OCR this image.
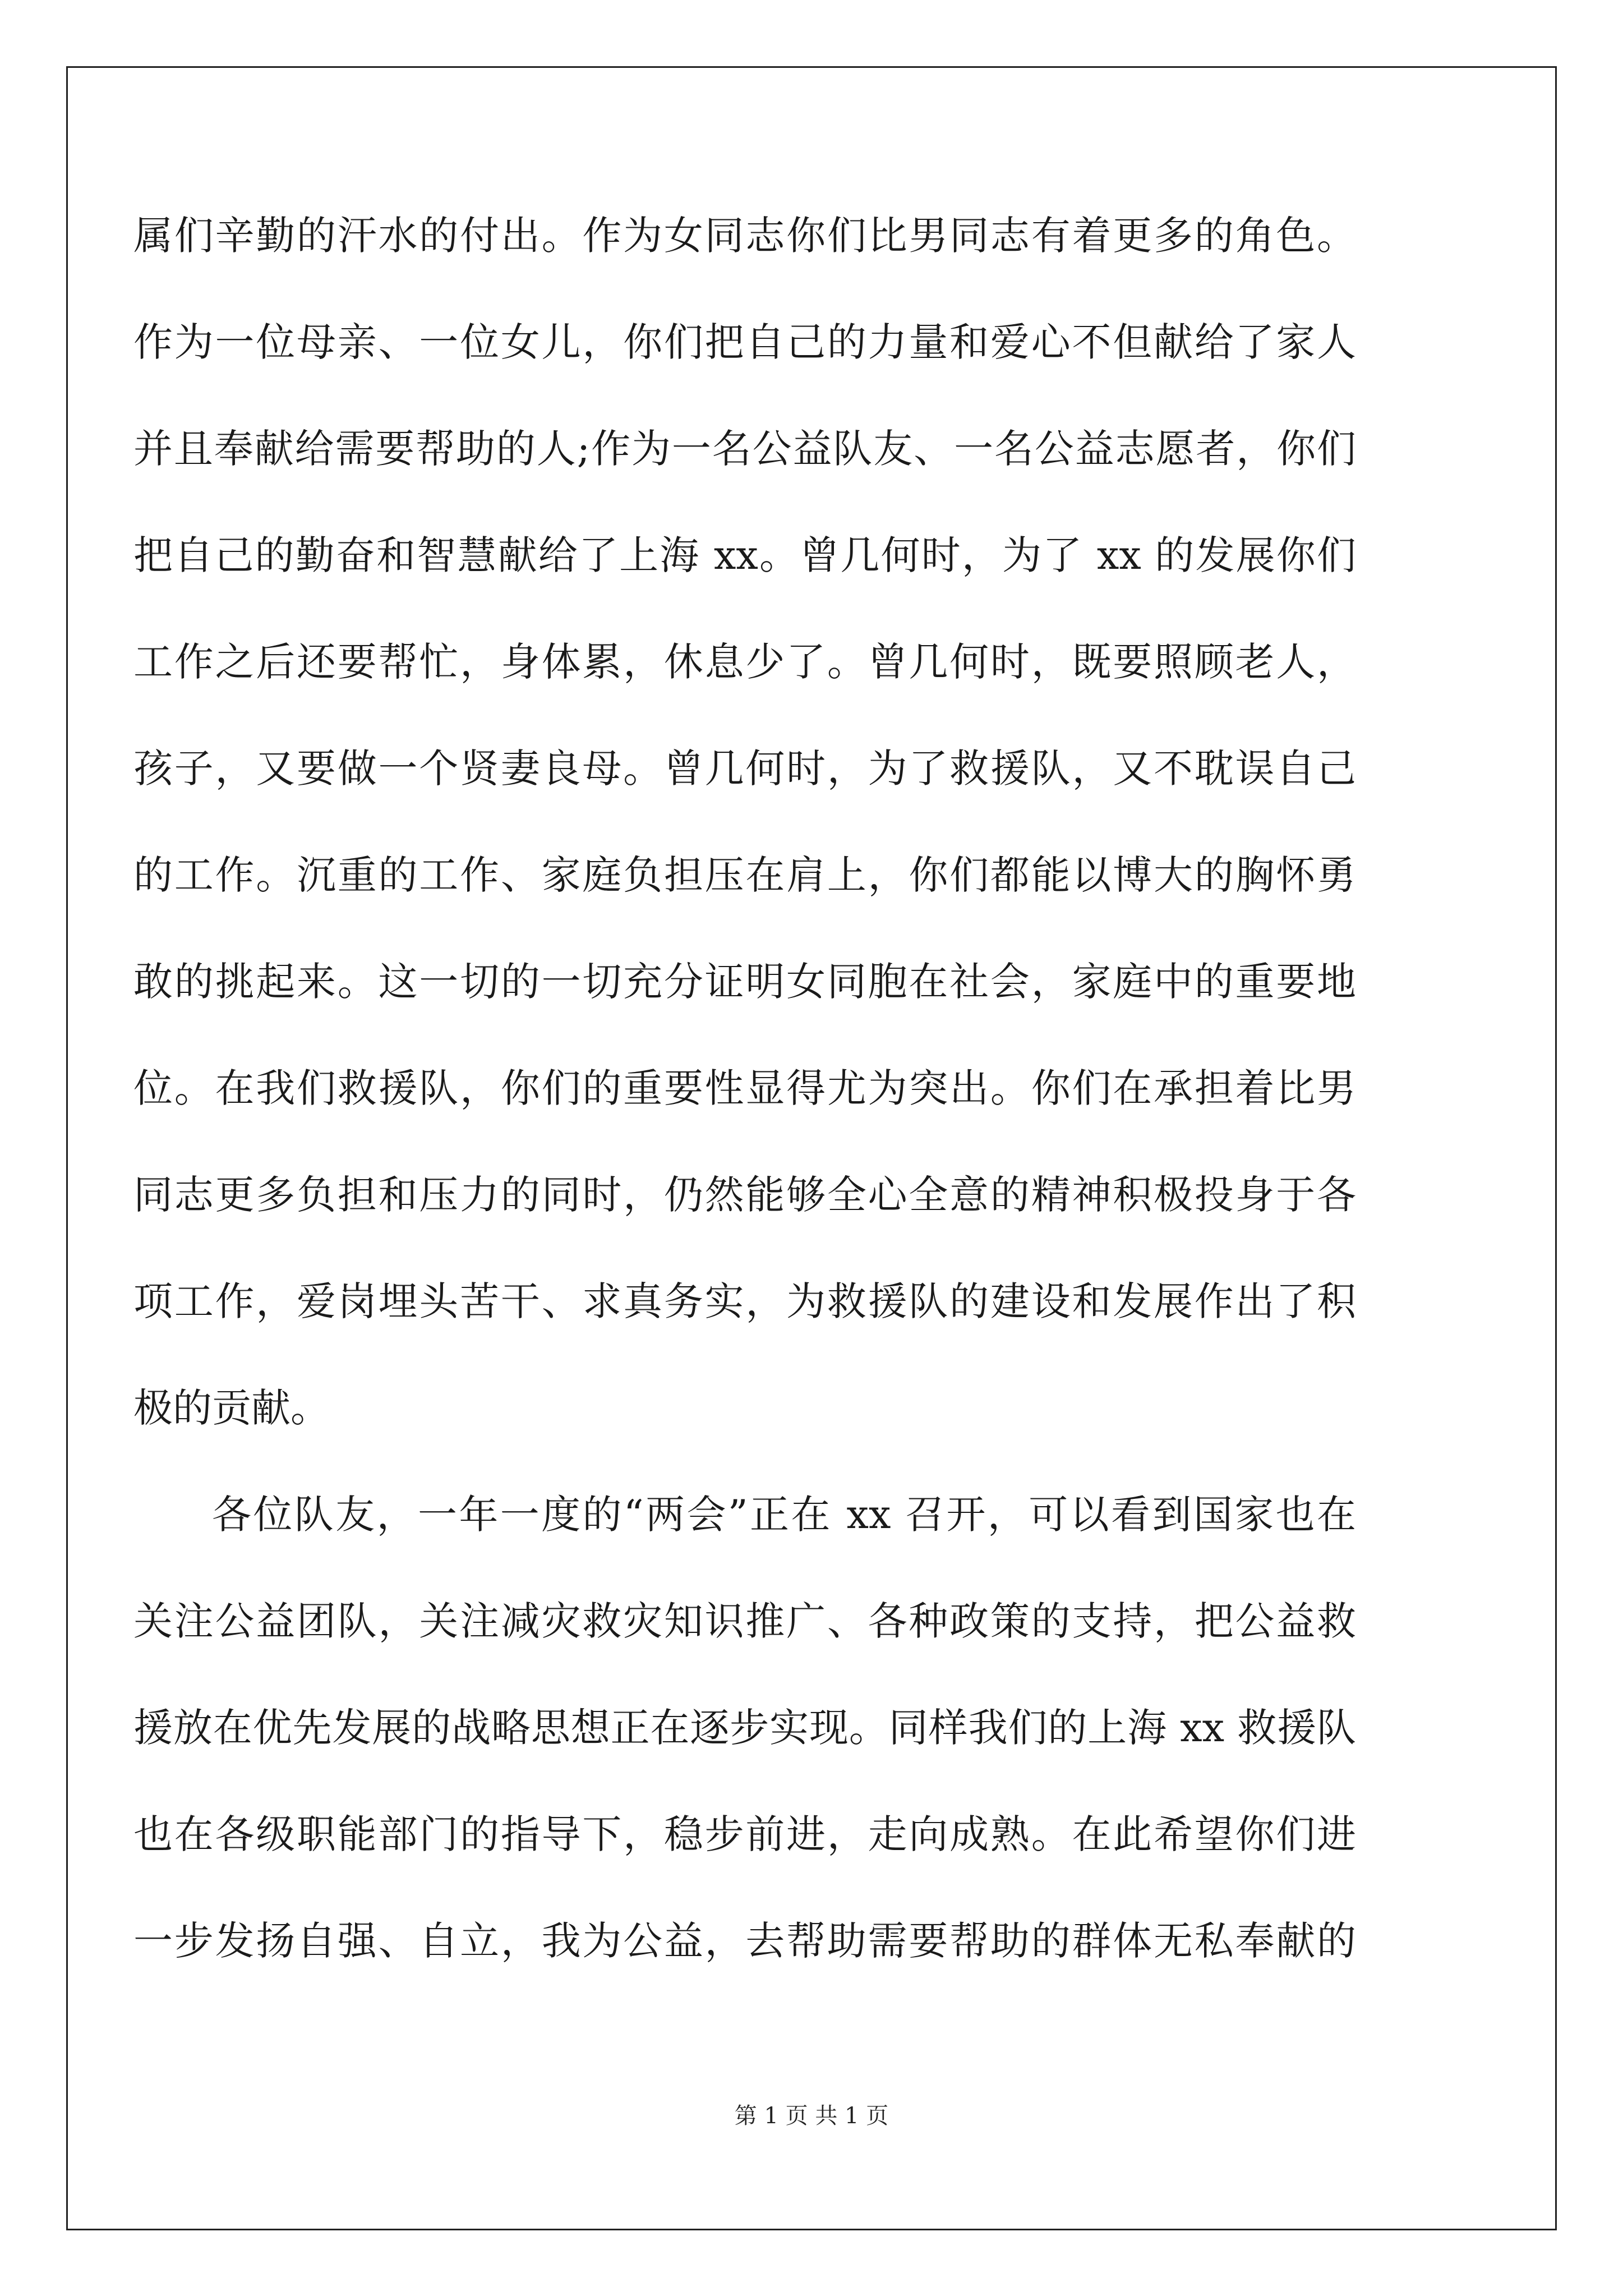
属们辛勤的汗水的付出。作为女同志你们比男同志有着更多的角色。
作为一位母亲、一位女儿，你们把自己的力量和爱心不但献给了家人
并且奉献给需要帮助的人;作为一名公益队友、一名公益志愿者，你们
把自己的勤奋和智慧献给了上海 xx。曾几何时，为了 xx 的发展你们
工作之后还要帮忙，身体累，休息少了。曾几何时，既要照顾老人，
孩子，又要做一个贤妻良母。曾几何时，为了救援队，又不耽误自己
的工作。沉重的工作、家庭负担压在肩上，你们都能以博大的胸怀勇
敢的挑起来。这一切的一切充分证明女同胞在社会，家庭中的重要地
位。在我们救援队，你们的重要性显得尤为突出。你们在承担着比男
同志更多负担和压力的同时，仍然能够全心全意的精神积极投身于各
项工作，爱岗埋头苦干、求真务实，为救援队的建设和发展作出了积
极的贡献。
各位队友，一年一度的“两会”正在 xx 召开，可以看到国家也在
关注公益团队，关注减灾救灾知识推广、各种政策的支持，把公益救
援放在优先发展的战略思想正在逐步实现。同样我们的上海 xx 救援队
也在各级职能部门的指导下，稳步前进，走向成熟。在此希望你们进
一步发扬自强、自立，我为公益，去帮助需要帮助的群体无私奉献的
第 1 页 共 1 页
